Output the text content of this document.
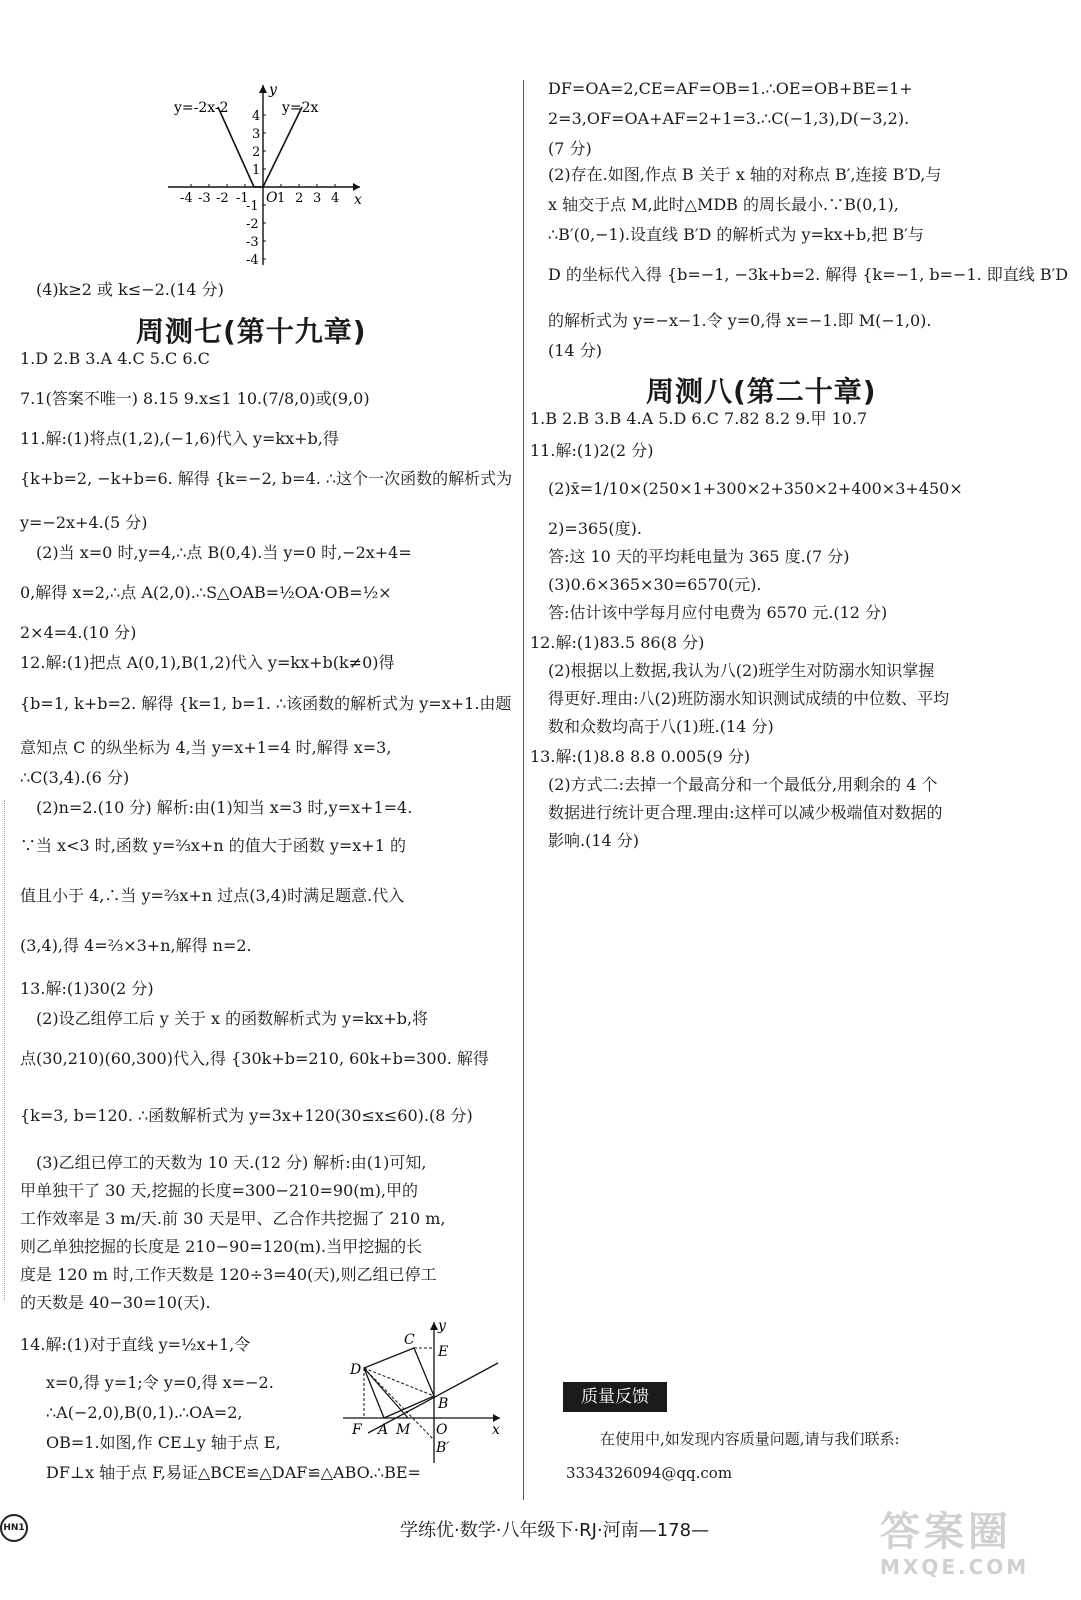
y=-2x-2	y=2x
y
x
O
-4 -3 -2 -1 1 2 3 4
4
3
2
1
-1
-2
-3
-4
(4)k≥2 或 k≤−2.(14 分)
周测七(第十九章)
1.D 2.B 3.A 4.C 5.C 6.C
7.1(答案不唯一) 8.15 9.x≤1 10.(7/8,0)或(9,0)
11.解:(1)将点(1,2),(−1,6)代入 y=kx+b,得
{k+b=2, −k+b=6. 解得 {k=−2, b=4. ∴这个一次函数的解析式为
y=−2x+4.(5 分)
(2)当 x=0 时,y=4,∴点 B(0,4).当 y=0 时,−2x+4=
0,解得 x=2,∴点 A(2,0).∴S△OAB=½OA·OB=½×
2×4=4.(10 分)
12.解:(1)把点 A(0,1),B(1,2)代入 y=kx+b(k≠0)得
{b=1, k+b=2. 解得 {k=1, b=1. ∴该函数的解析式为 y=x+1.由题
意知点 C 的纵坐标为 4,当 y=x+1=4 时,解得 x=3,
∴C(3,4).(6 分)
(2)n=2.(10 分) 解析:由(1)知当 x=3 时,y=x+1=4.
∵当 x<3 时,函数 y=⅔x+n 的值大于函数 y=x+1 的
值且小于 4,∴当 y=⅔x+n 过点(3,4)时满足题意.代入
(3,4),得 4=⅔×3+n,解得 n=2.
13.解:(1)30(2 分)
(2)设乙组停工后 y 关于 x 的函数解析式为 y=kx+b,将
点(30,210)(60,300)代入,得 {30k+b=210, 60k+b=300. 解得
{k=3, b=120. ∴函数解析式为 y=3x+120(30≤x≤60).(8 分)
(3)乙组已停工的天数为 10 天.(12 分) 解析:由(1)可知,
甲单独干了 30 天,挖掘的长度=300−210=90(m),甲的
工作效率是 3 m/天.前 30 天是甲、乙合作共挖掘了 210 m,
则乙单独挖掘的长度是 210−90=120(m).当甲挖掘的长
度是 120 m 时,工作天数是 120÷3=40(天),则乙组已停工
的天数是 40−30=10(天).
14.解:(1)对于直线 y=½x+1,令
x=0,得 y=1;令 y=0,得 x=−2.
∴A(−2,0),B(0,1).∴OA=2,
OB=1.如图,作 CE⊥y 轴于点 E,
DF⊥x 轴于点 F,易证△BCE≌△DAF≌△ABO.∴BE=
C
E
D
B
F A M O
B′
y
x
DF=OA=2,CE=AF=OB=1.∴OE=OB+BE=1+
2=3,OF=OA+AF=2+1=3.∴C(−1,3),D(−3,2).
(7 分)
(2)存在.如图,作点 B 关于 x 轴的对称点 B′,连接 B′D,与
x 轴交于点 M,此时△MDB 的周长最小.∵B(0,1),
∴B′(0,−1).设直线 B′D 的解析式为 y=kx+b,把 B′与
D 的坐标代入得 {b=−1, −3k+b=2. 解得 {k=−1, b=−1. 即直线 B′D
的解析式为 y=−x−1.令 y=0,得 x=−1.即 M(−1,0).
(14 分)
周测八(第二十章)
1.B 2.B 3.B 4.A 5.D 6.C 7.82 8.2 9.甲 10.7
11.解:(1)2(2 分)
(2)x̄=1/10×(250×1+300×2+350×2+400×3+450×
2)=365(度).
答:这 10 天的平均耗电量为 365 度.(7 分)
(3)0.6×365×30=6570(元).
答:估计该中学每月应付电费为 6570 元.(12 分)
12.解:(1)83.5 86(8 分)
(2)根据以上数据,我认为八(2)班学生对防溺水知识掌握
得更好.理由:八(2)班防溺水知识测试成绩的中位数、平均
数和众数均高于八(1)班.(14 分)
13.解:(1)8.8 8.8 0.005(9 分)
(2)方式二:去掉一个最高分和一个最低分,用剩余的 4 个
数据进行统计更合理.理由:这样可以减少极端值对数据的
影响.(14 分)
质量反馈
在使用中,如发现内容质量问题,请与我们联系:
3334326094@qq.com
HN1	学练优·数学·八年级下·RJ·河南—178—	答案圈
MXQE.COM
